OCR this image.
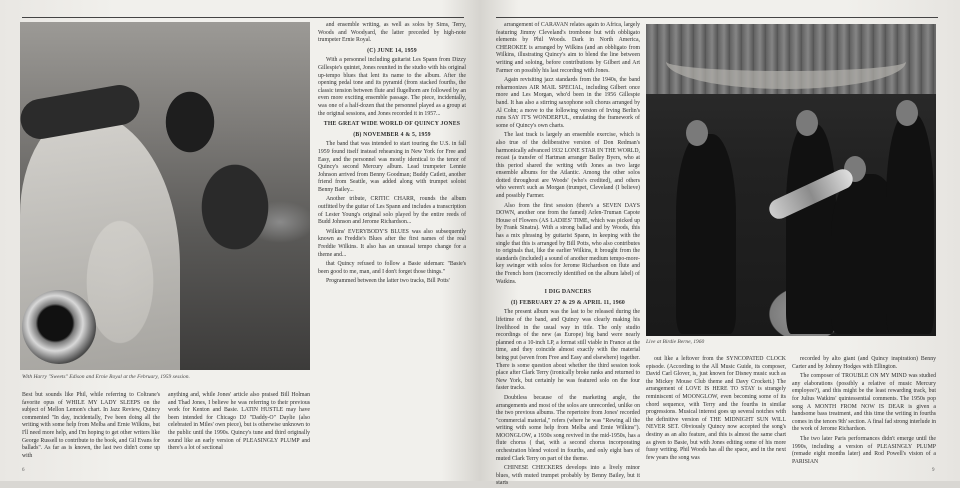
With Harry "Sweets" Edison and Ernie Royal at the February, 1959 session.

and ensemble writing, as well as solos by Sims, Terry, Woods and Woodyard, the latter preceded by high-note trumpeter Ernie Royal.

(C) JUNE 14, 1959

With a personnel including guitarist Les Spann from Dizzy Gillespie's quintet, Jones reunited in the studio with his original up-tempo blues that lent its name to the album. After the opening pedal tone and its pyramid (from stacked fourths, the classic tension between flute and flugelhorn are followed by an even more exciting ensemble passage. The piece, incidentally, was one of a half-dozen that the personnel played as a group at the original sessions, and Jones recorded it in 1957...

THE GREAT WIDE WORLD OF QUINCY JONES
(B) NOVEMBER 4 & 5, 1959

The band that was intended to start touring the U.S. in fall 1959 found itself instead rehearsing in New York for Free and Easy, and the personnel was mostly identical to the tenor of Quincy's second Mercury album. Lead trumpeter Lennie Johnson arrived from Benny Goodman; Buddy Catlett, another friend from Seattle, was added along with trumpet soloist Benny Bailey...

Another tribute, CRITIC CHARR, rounds the album outfitted by the guitar of Les Spann and includes a transcription of Lester Young's original solo played by the entire reeds of Budd Johnson and Jerome Richardson...

Wilkins' EVERYBODY'S BLUES was also subsequently known as Freddie's Blues after the first names of the real Freddie Wilkins. It also has an unusual tempo change for a theme and...

that Quincy refused to follow a Basie sideman: "Basie's been good to me, man, and I don't forget those things."

Programmed between the latter two tracks, Bill Potts'

Best but sounds like Phil, while referring to Coltrane's favorite opus of WHILE MY LADY SLEEPS on the subject of Mellon Lemon's chart. In Jazz Review, Quincy commented "In day, incidentally, I've been doing all the writing with some help from Melba and Ernie Wilkins, but I'll need more help, and I'm hoping to get other writers like George Russell to contribute to the book, and Gil Evans for ballads". As far as is known, the last two didn't come up with
anything and, while Jones' article also praised Bill Holman and Thad Jones, I believe he was referring to their previous work for Kenton and Basie. LATIN HUSTLE may have been intended for Chicago DJ "Daddy-O" Daylie (also celebrated in Miles' own piece), but is otherwise unknown to the public until the 1990s. Quincy's tune and third originally sound like an early version of PLEASINGLY PLUMP and there's a lot of sectional
6

arrangement of CARAVAN relates again to Africa, largely featuring Jimmy Cleveland's trombone but with obbligato elements by Phil Woods. Dark in North America, CHEROKEE is arranged by Wilkins (and an obbligato from Wilkins, illustrating Quincy's aim to blend the line between writing and soloing, before contributions by Gilbert and Art Farmer on possibly his last recording with Jones.

Again revisiting jazz standards from the 1940s, the band reharmonizes AIR MAIL SPECIAL, including Gilbert once more and Les Morgan, who'd been in the 1956 Gillespie band. It has also a stirring saxophone soli chorus arranged by Al Cohn; a move to the following version of Irving Berlin's runs SAY IT'S WONDERFUL, emulating the framework of some of Quincy's own charts.

The last track is largely an ensemble exercise, which is also true of the deliberative version of Don Redman's harmonically advanced 1932 LONE STAR IN THE WORLD, recast (a transfer of Hartman arranger Bailey Byers, who at this period shared the writing with Jones as two large ensemble albums for the Atlantic. Among the other solos dotted throughout are Woods' (who's credited), and others who weren't such as Morgan (trumpet, Cleveland (I believe) and possibly Farmer.

Also from the first session (there's a SEVEN DAYS DOWN, another one from the famed) Arlen-Truman Capote House of Flowers (AS LADIES' TIME, which was picked up by Frank Sinatra). With a strong ballad and by Woods, this has a mix phrasing by guitarist Spann, in keeping with the single that this is arranged by Bill Potts, who also contributes to originals that, like the earlier Wilkins, it brought from the standards (included) a sound of another medium tempo-more-key swinger with solos for Jerome Richardson on flute and the French horn (incorrectly identified on the album label) of Watkins.

I DIG DANCERS
(I) FEBRUARY 27 & 29 & APRIL 11, 1960

The present album was the last to be released during the lifetime of the band, and Quincy was clearly making his livelihood in the usual way in title. The only studio recordings of the new (as Europe) big band were nearly planned on a 10-inch LP, a format still viable in France at the time, and they coincide almost exactly with the material being put (seven from Free and Easy and elsewhere) together. There is some question about whether the third session took place after Clark Terry (ironically broke ranks and returned to New York, but certainly he was featured solo on the four faster tracks.

Doubtless because of the marketing angle, the arrangements and most of the solos are unrecorded, unlike on the two previous albums. The repertoire from Jones' recorded "commercial material," refers (where he was "Rewing all the writing with some help from Melba and Ernie Wilkins"). MOONGLOW, a 1930s song revived in the mid-1950s, has a flute chorus ( that, with a second chorus incorporating orchestration blend voiced in fourths, and only eight bars of muted Clark Terry on part of the theme.

CHINESE CHECKERS develops into a lively minor blues, with muted trumpet probably by Benny Bailey, but it starts

Live at Birdie Berne, 1960

out like a leftover from the SYNCOPATED CLOCK episode. (According to the All Music Guide, its composer, David Carl Glover, is, just known for Disney music such as the Mickey Mouse Club theme and Davy Crockett.) The arrangement of LOVE IS HERE TO STAY is strangely reminiscent of MOONGLOW, even becoming some of its chord sequence, with Terry and the fourths in similar progressions. Musical interest goes up several notches with the definitive version of THE MIDNIGHT SUN WILL NEVER SET. Obviously Quincy now accepted the song's destiny as an alto feature, and this is almost the same chart as given to Basie, but with Jones editing some of his more fussy writing. Phil Woods has all the space, and in the next few years the song was

recorded by alto giant (and Quincy inspiration) Benny Carter and by Johnny Hodges with Ellington.

The composer of TROUBLE ON MY MIND was studied any elaborations (possibly a relative of music Mercury employee?), and this might be the least rewarding track, but for Julius Watkins' quintessential comments. The 1950s pop song A MONTH FROM NOW IS DEAR is given a handsome bass treatment, and this time the writing in fourths comes in the tenors 9th' section. A final fad strong interlude in the work of Jerome Richardson.

The two later Paris performances didn't emerge until the 1990s, including a version of PLEASINGLY PLUMP (remade eight months later) and Rod Powell's vision of a PARISIAN

9
